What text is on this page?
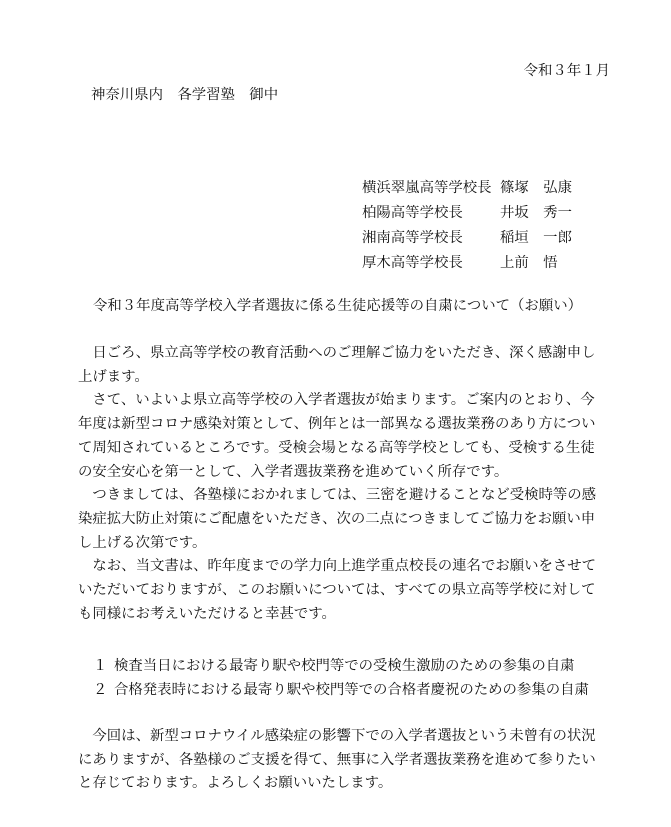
令和３年１月
神奈川県内　各学習塾　御中
横浜翠嵐高等学校長 篠塚　弘康
柏陽高等学校長	井坂　秀一
湘南高等学校長	稲垣　一郎
厚木高等学校長	上前　悟
令和３年度高等学校入学者選抜に係る生徒応援等の自粛について（お願い）

日ごろ、県立高等学校の教育活動へのご理解ご協力をいただき、深く感謝申し上げます。

さて、いよいよ県立高等学校の入学者選抜が始まります。ご案内のとおり、今年度は新型コロナ感染対策として、例年とは一部異なる選抜業務のあり方について周知されているところです。受検会場となる高等学校としても、受検する生徒の安全安心を第一として、入学者選抜業務を進めていく所存です。

つきましては、各塾様におかれましては、三密を避けることなど受検時等の感染症拡大防止対策にご配慮をいただき、次の二点につきましてご協力をお願い申し上げる次第です。

なお、当文書は、昨年度までの学力向上進学重点校長の連名でお願いをさせていただいておりますが、このお願いについては、すべての県立高等学校に対しても同様にお考えいただけると幸甚です。

１ 検査当日における最寄り駅や校門等での受検生激励のための参集の自粛
２ 合格発表時における最寄り駅や校門等での合格者慶祝のための参集の自粛

今回は、新型コロナウイル感染症の影響下での入学者選抜という未曾有の状況にありますが、各塾様のご支援を得て、無事に入学者選抜業務を進めて参りたいと存じております。よろしくお願いいたします。
